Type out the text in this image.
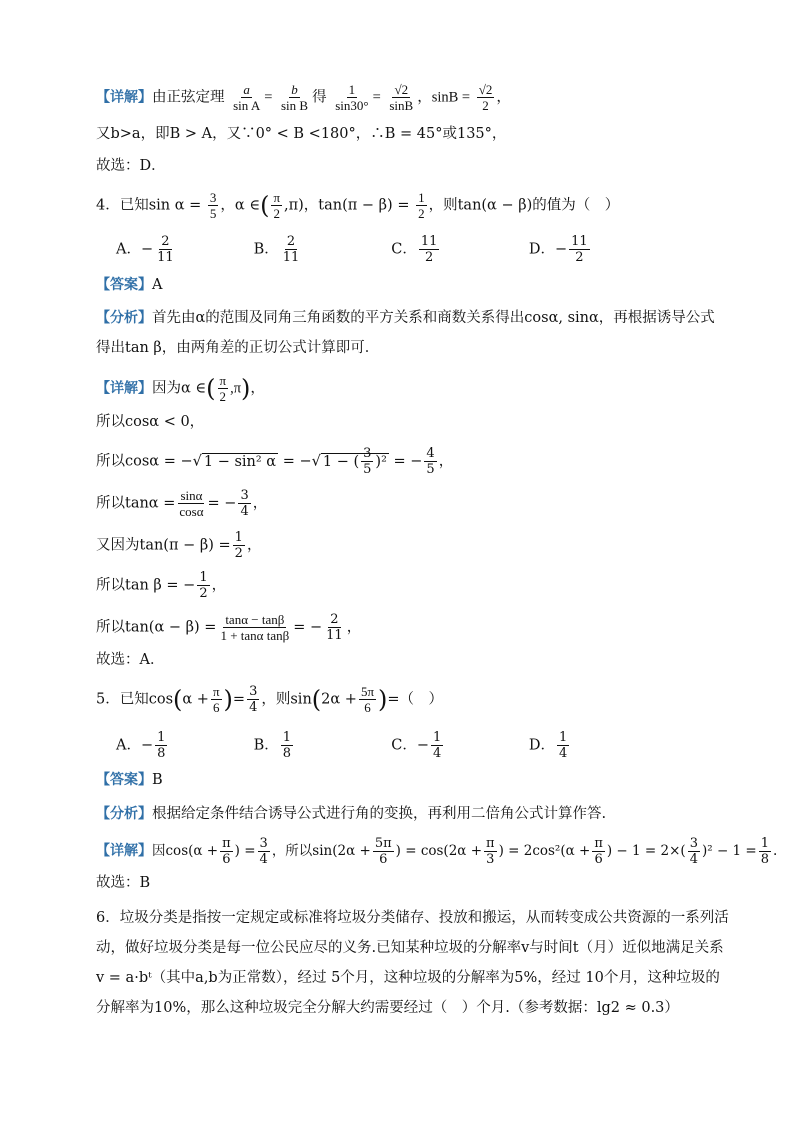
【详解】由正弦定理 $\frac{a}{\text{sin A}} = \frac{b}{\text{sin B}}$ 得 $\frac{1}{\sin 30^\circ} = \frac{√2}{\sin B}$ ，$\sin B = \frac{√2}{2}$ ，
又b>a，即B > A，又∵0° < B <180°，∴B = 45°或135°，
故选：D．
4．已知$\sin \alpha = \frac{3}{5}$ ，α ∈( $\frac{\pi}{2} ,\pi$)，$\tan(\pi - \beta) = \frac{1}{2}$ ，则tan(α − β)的值为（　）
A．− $\frac{2}{11}$	B． $\frac{2}{11}$	C． $\frac{11}{2}$	D．− $\frac{11}{2}$
【答案】A
【分析】首先由α的范围及同角三角函数的平方关系和商数关系得出cosα, sinα，再根据诱导公式
得出tan β，由两角差的正切公式计算即可．
【详解】因为α ∈( $\frac{\pi}{2} ,\pi$)，
所以cosα < 0，
所以cosα = −√ 1 − sin² α = −√ 1 − ( $\frac{3}{5} )^2$ = − $\frac{4}{5}$ ，
所以$\tan\alpha = \frac{\sin\alpha}{\cos\alpha}$ = − $\frac{3}{4}$ ，
又因为$\tan(\pi - \beta) = \frac{1}{2}$ ，
所以tan β = − $\frac{1}{2}$ ，
所以$\tan(\alpha - \beta) = \frac{\tan\alpha - \tan\beta}{\text{1 + tanα tanβ}}$ = − $\frac{2}{11}$ ，
故选：A．
5．已知$\cos(\alpha + \frac{\pi}{6}$ )= $\frac{3}{4}$ ，则$\sin(2\alpha + \frac{5\pi}{6}$ )=（　）
A．− $\frac{1}{8}$	B． $\frac{1}{8}$	C．− $\frac{1}{4}$	D． $\frac{1}{4}$
【答案】B
【分析】根据给定条件结合诱导公式进行角的变换，再利用二倍角公式计算作答.
【详解】因$\cos(\alpha + \frac{\pi}{6}$ ) = $\frac{3}{4}$ ，所以$\sin(2\alpha + \frac{5\pi}{6}$ ) = $\cos(2\alpha + \frac{\pi}{3}$ ) = $2\cos^2(\alpha + \frac{\pi}{6}$ ) − $1 = 2\times( \frac{3}{4} )^2 - 1 = \frac{1}{8}$ .
故选：B
6．垃圾分类是指按一定规定或标准将垃圾分类储存、投放和搬运，从而转变成公共资源的一系列活
动，做好垃圾分类是每一位公民应尽的义务.已知某种垃圾的分解率v与时间t（月）近似地满足关系
v = a·bᵗ（其中a,b为正常数），经过 5个月，这种垃圾的分解率为5%，经过 10个月，这种垃圾的
分解率为10%，那么这种垃圾完全分解大约需要经过（　）个月.（参考数据：lg2 ≈ 0.3）
